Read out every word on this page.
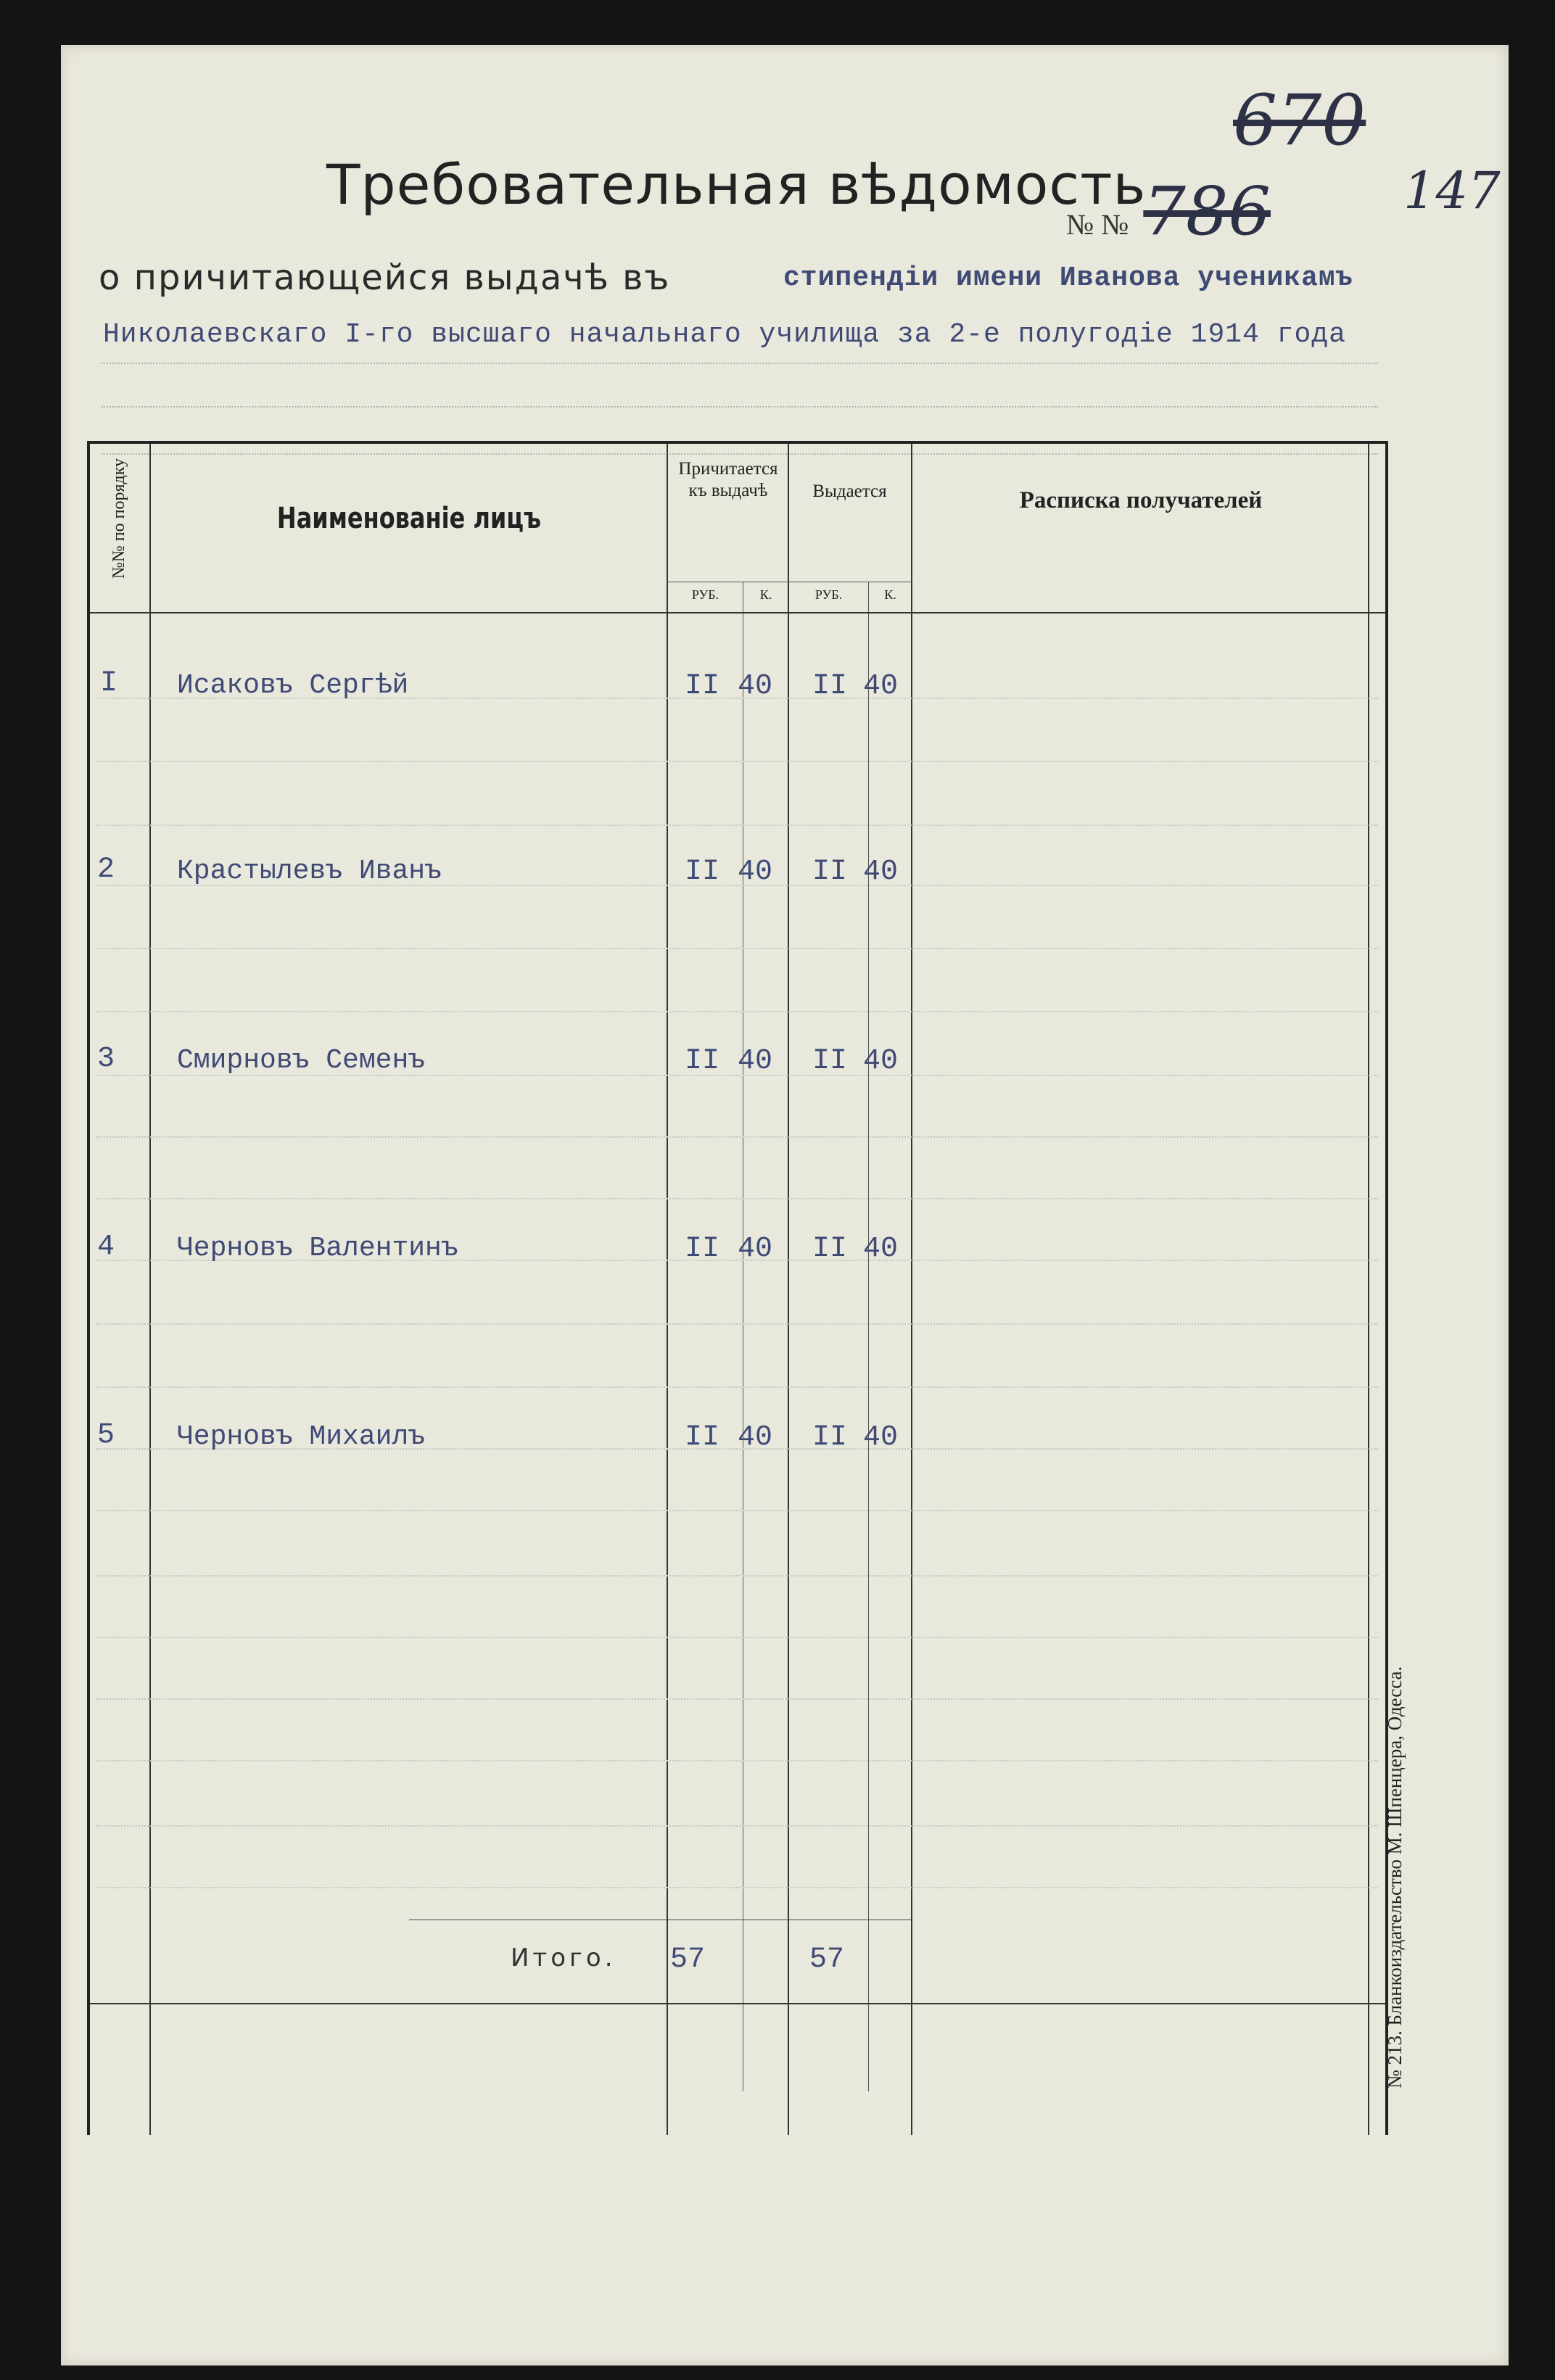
670
147
Требовательная вѣдомость
№ № 786
о причитающейся выдачѣ въ	стипендіи имени Иванова ученикамъ
Николаевскаго I-го высшаго начальнаго училища за 2-е полугодіе 1914 года
№№ по порядку	Наименованіе лицъ
Причитается къ выдачѣ	Выдается	Расписка получателей
РУБ.	К.	РУБ.	К.
I Исаковъ Сергѣй	II 40 II 40
2 Крастылевъ Иванъ	II 40 II 40
3 Смирновъ Семенъ	II 40 II 40
4 Черновъ Валентинъ	II 40 II 40
5 Черновъ Михаилъ	II 40 II 40
Итого. 57	57	№ 213. Бланкоиздательство М. Шпенцера, Одесса.
